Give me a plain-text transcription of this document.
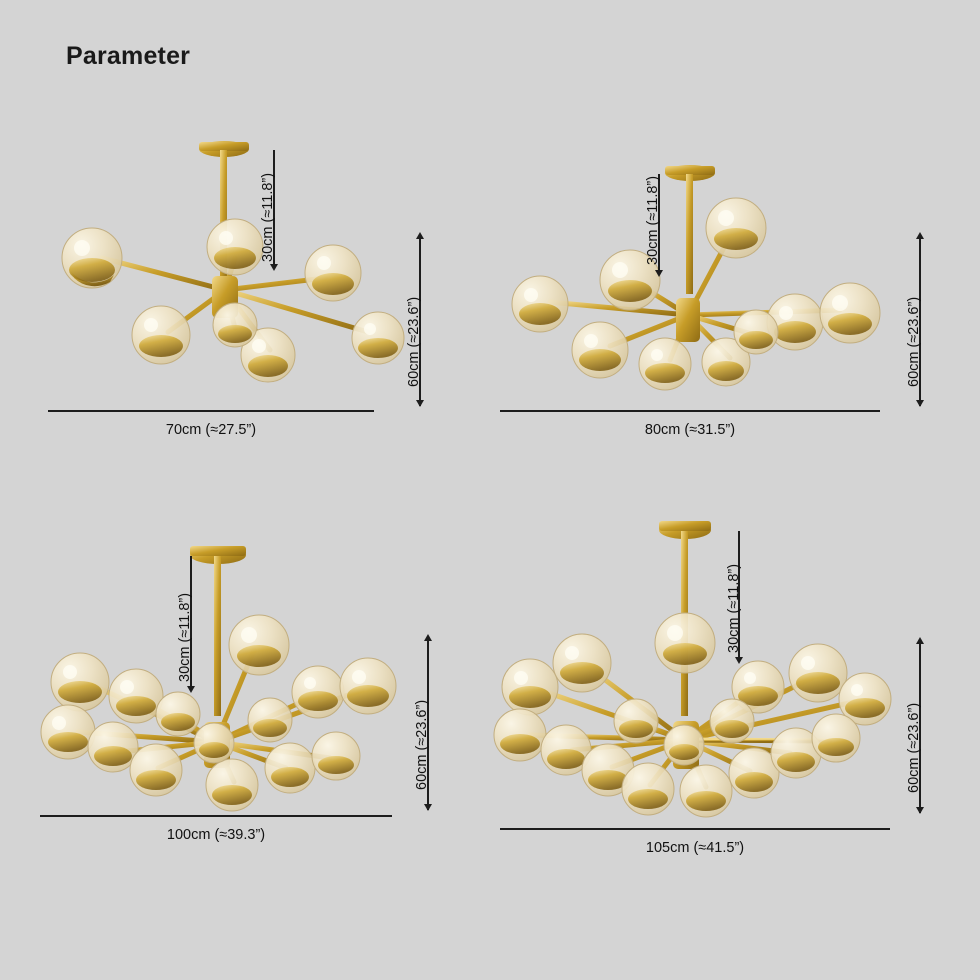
Parameter
30cm (≈11.8”)
60cm (≈23.6”)
70cm (≈27.5”)
30cm (≈11.8”)
60cm (≈23.6”)
80cm (≈31.5”)
30cm (≈11.8”)
60cm (≈23.6”)
100cm (≈39.3”)
30cm (≈11.8”)
60cm (≈23.6”)
105cm (≈41.5”)
